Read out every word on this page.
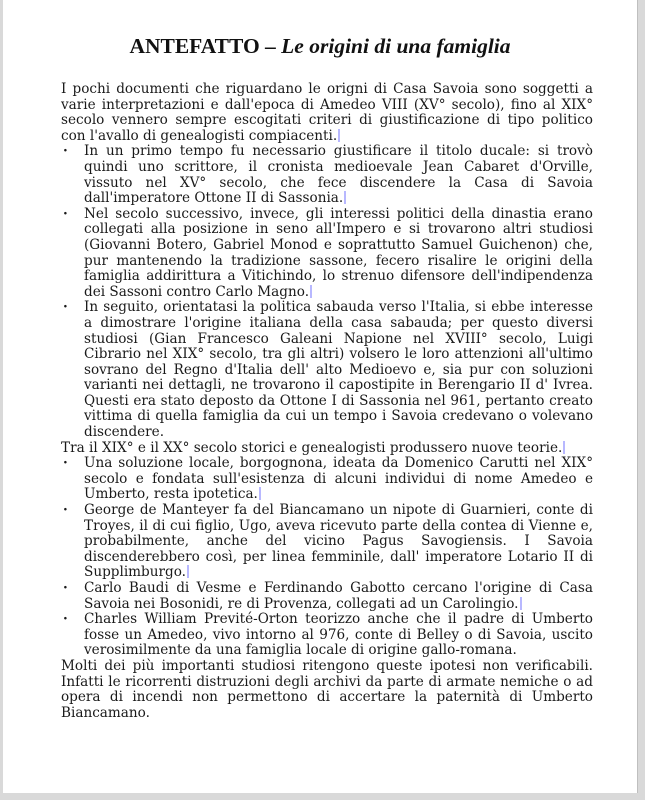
ANTEFATTO – Le origini di una famiglia

I pochi documenti che riguardano le origni di Casa Savoia sono soggetti a varie interpretazioni e dall'epoca di Amedeo VIII (XV° secolo), fino al XIX° secolo vennero sempre escogitati criteri di giustificazione di tipo politico con l'avallo di genealogisti compiacenti.

· In un primo tempo fu necessario giustificare il titolo ducale: si trovò quindi uno scrittore, il cronista medioevale Jean Cabaret d'Orville, vissuto nel XV° secolo, che fece discendere la Casa di Savoia dall'imperatore Ottone II di Sassonia.
· Nel secolo successivo, invece, gli interessi politici della dinastia erano collegati alla posizione in seno all'Impero e si trovarono altri studiosi (Giovanni Botero, Gabriel Monod e soprattutto Samuel Guichenon) che, pur mantenendo la tradizione sassone, fecero risalire le origini della famiglia addirittura a Vitichindo, lo strenuo difensore dell'indipendenza dei Sassoni contro Carlo Magno.
· In seguito, orientatasi la politica sabauda verso l'Italia, si ebbe interesse a dimostrare l'origine italiana della casa sabauda; per questo diversi studiosi (Gian Francesco Galeani Napione nel XVIII° secolo, Luigi Cibrario nel XIX° secolo, tra gli altri) volsero le loro attenzioni all'ultimo sovrano del Regno d'Italia dell' alto Medioevo e, sia pur con soluzioni varianti nei dettagli, ne trovarono il capostipite in Berengario II d' Ivrea. Questi era stato deposto da Ottone I di Sassonia nel 961, pertanto creato vittima di quella famiglia da cui un tempo i Savoia credevano o volevano discendere.

Tra il XIX° e il XX° secolo storici e genealogisti produssero nuove teorie.

· Una soluzione locale, borgognona, ideata da Domenico Carutti nel XIX° secolo e fondata sull'esistenza di alcuni individui di nome Amedeo e Umberto, resta ipotetica.
· George de Manteyer fa del Biancamano un nipote di Guarnieri, conte di Troyes, il di cui figlio, Ugo, aveva ricevuto parte della contea di Vienne e, probabilmente, anche del vicino Pagus Savogiensis. I Savoia discenderebbero così, per linea femminile, dall' imperatore Lotario II di Supplimburgo.
· Carlo Baudi di Vesme e Ferdinando Gabotto cercano l'origine di Casa Savoia nei Bosonidi, re di Provenza, collegati ad un Carolingio.
· Charles William Previté-Orton teorizzo anche che il padre di Umberto fosse un Amedeo, vivo intorno al 976, conte di Belley o di Savoia, uscito verosimilmente da una famiglia locale di origine gallo-romana.

Molti dei più importanti studiosi ritengono queste ipotesi non verificabili. Infatti le ricorrenti distruzioni degli archivi da parte di armate nemiche o ad opera di incendi non permettono di accertare la paternità di Umberto Biancamano.
